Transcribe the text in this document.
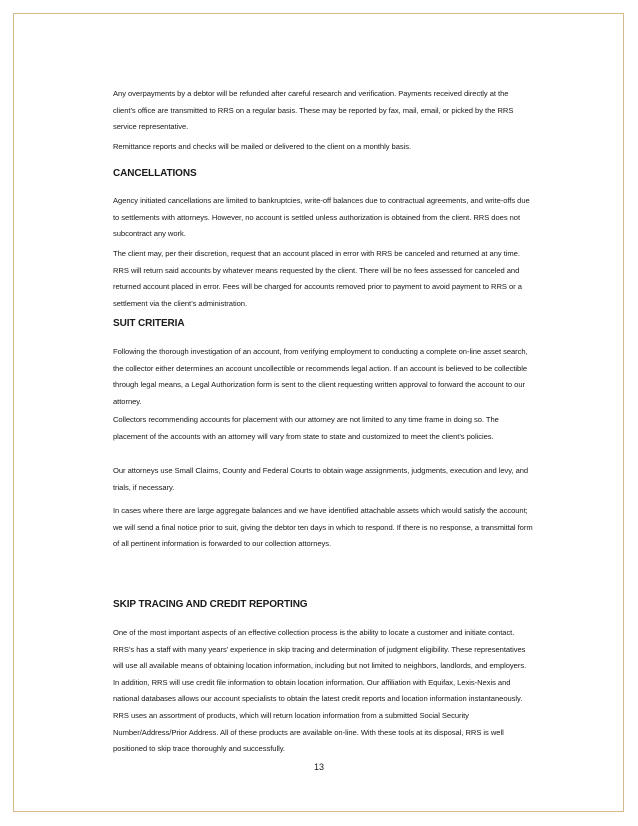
Any overpayments by a debtor will be refunded after careful research and verification. Payments received directly at the client’s office are transmitted to RRS on a regular basis. These may be reported by fax, mail, email, or picked by the RRS service representative.

Remittance reports and checks will be mailed or delivered to the client on a monthly basis.

CANCELLATIONS

Agency initiated cancellations are limited to bankruptcies, write-off balances due to contractual agreements, and write-offs due to settlements with attorneys. However, no account is settled unless authorization is obtained from the client. RRS does not subcontract any work.

The client may, per their discretion, request that an account placed in error with RRS be canceled and returned at any time. RRS will return said accounts by whatever means requested by the client. There will be no fees assessed for canceled and returned account placed in error. Fees will be charged for accounts removed prior to payment to avoid payment to RRS or a settlement via the client’s administration.

SUIT CRITERIA

Following the thorough investigation of an account, from verifying employment to conducting a complete on-line asset search, the collector either determines an account uncollectible or recommends legal action. If an account is believed to be collectible through legal means, a Legal Authorization form is sent to the client requesting written approval to forward the account to our attorney.

Collectors recommending accounts for placement with our attorney are not limited to any time frame in doing so. The placement of the accounts with an attorney will vary from state to state and customized to meet the client’s policies.

Our attorneys use Small Claims, County and Federal Courts to obtain wage assignments, judgments, execution and levy, and trials, if necessary.

In cases where there are large aggregate balances and we have identified attachable assets which would satisfy the account; we will send a final notice prior to suit, giving the debtor ten days in which to respond. If there is no response, a transmittal form of all pertinent information is forwarded to our collection attorneys.

SKIP TRACING AND CREDIT REPORTING

One of the most important aspects of an effective collection process is the ability to locate a customer and initiate contact. RRS’s has a staff with many years’ experience in skip tracing and determination of judgment eligibility. These representatives will use all available means of obtaining location information, including but not limited to neighbors, landlords, and employers. In addition, RRS will use credit file information to obtain location information. Our affiliation with Equifax, Lexis-Nexis and national databases allows our account specialists to obtain the latest credit reports and location information instantaneously. RRS uses an assortment of products, which will return location information from a submitted Social Security Number/Address/Prior Address. All of these products are available on-line. With these tools at its disposal, RRS is well positioned to skip trace thoroughly and successfully.

13
